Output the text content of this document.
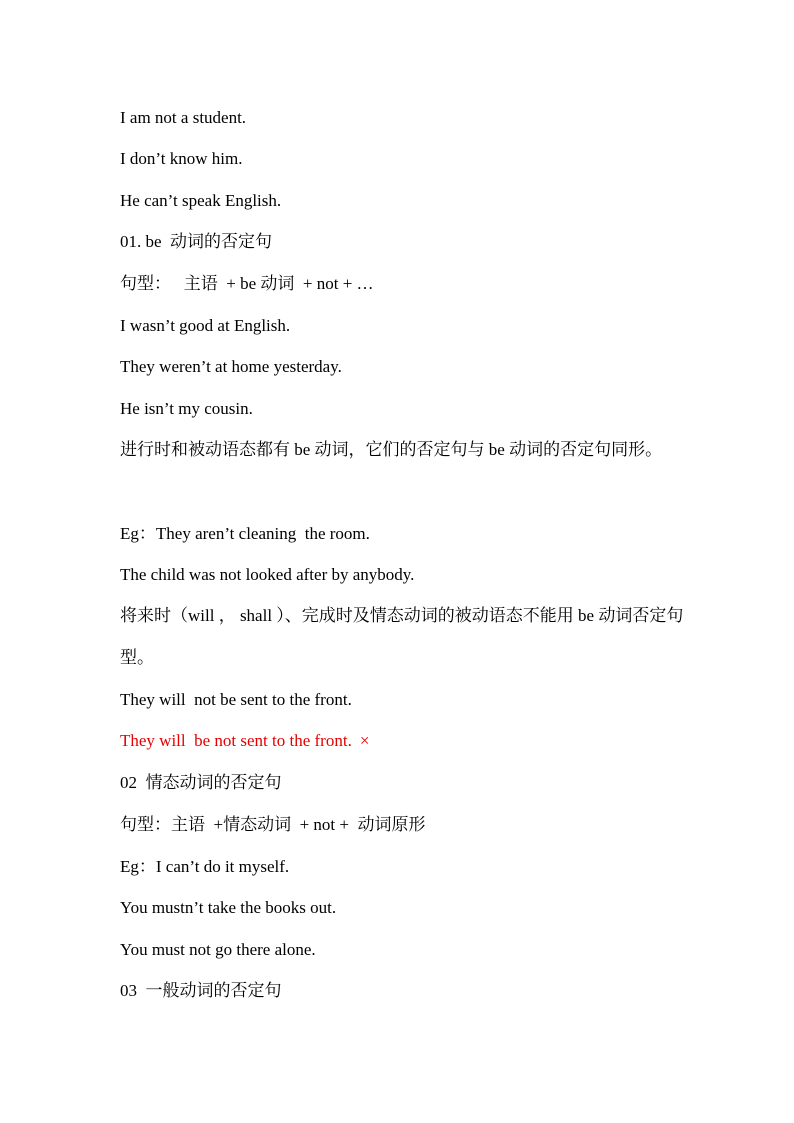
I am not a student.
I don’t know him.
He can’t speak English.
01. be  动词的否定句
句型：   主语  + be 动词  + not + …
I wasn’t good at English.
They weren’t at home yesterday.
He isn’t my cousin.
进行时和被动语态都有 be 动词，它们的否定句与 be 动词的否定句同形。
Eg：They aren’t cleaning  the room.
The child was not looked after by anybody.
将来时（will ， shall ）、完成时及情态动词的被动语态不能用 be 动词否定句型。
They will  not be sent to the front.
They will  be not sent to the front. ×
02  情态动词的否定句
句型：主语  +情态动词  + not +  动词原形
Eg：I can’t do it myself.
You mustn’t take the books out.
You must not go there alone.
03  一般动词的否定句
